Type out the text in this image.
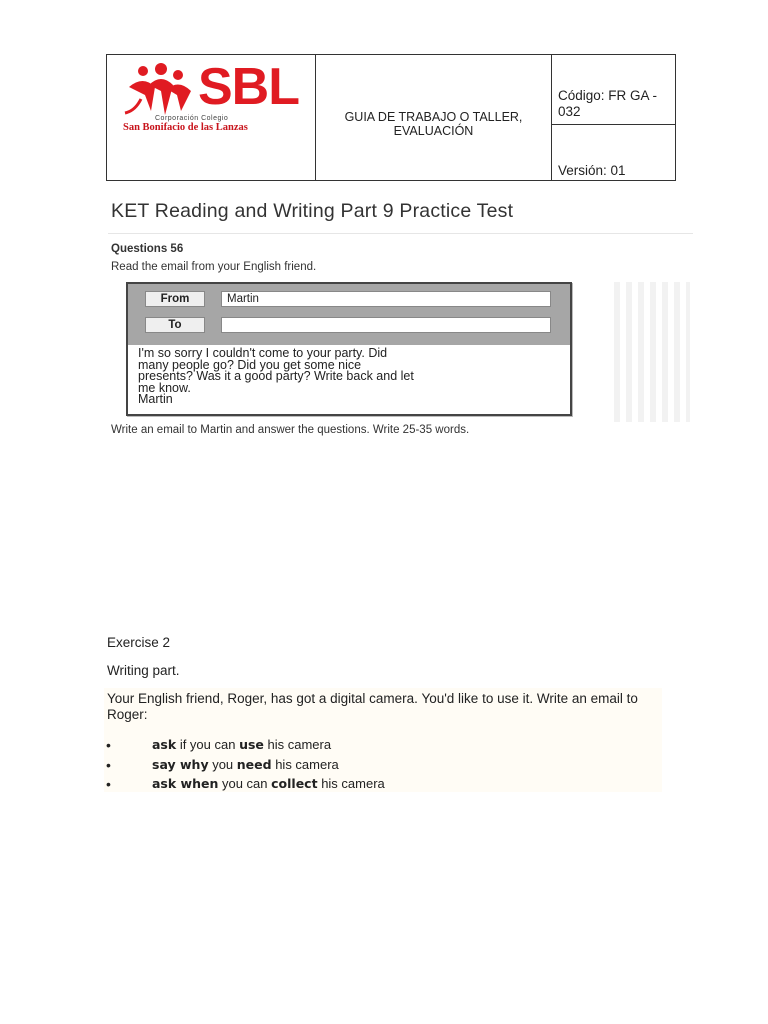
SBL
Corporación Colegio
San Bonifacio de las Lanzas
GUIA DE TRABAJO O TALLER,
EVALUACIÓN
Código: FR GA - 032
Versión: 01
KET Reading and Writing Part 9 Practice Test
Questions 56
Read the email from your English friend.
From	Martin
To
I'm so sorry I couldn't come to your party. Did
many people go? Did you get some nice
presents? Was it a good party? Write back and let
me know.
Martin
Write an email to Martin and answer the questions. Write 25-35 words.
Exercise 2
Writing part.
Your English friend, Roger, has got a digital camera. You'd like to use it. Write an email to Roger:
•	ask if you can use his camera
•	say why you need his camera
•	ask when you can collect his camera
